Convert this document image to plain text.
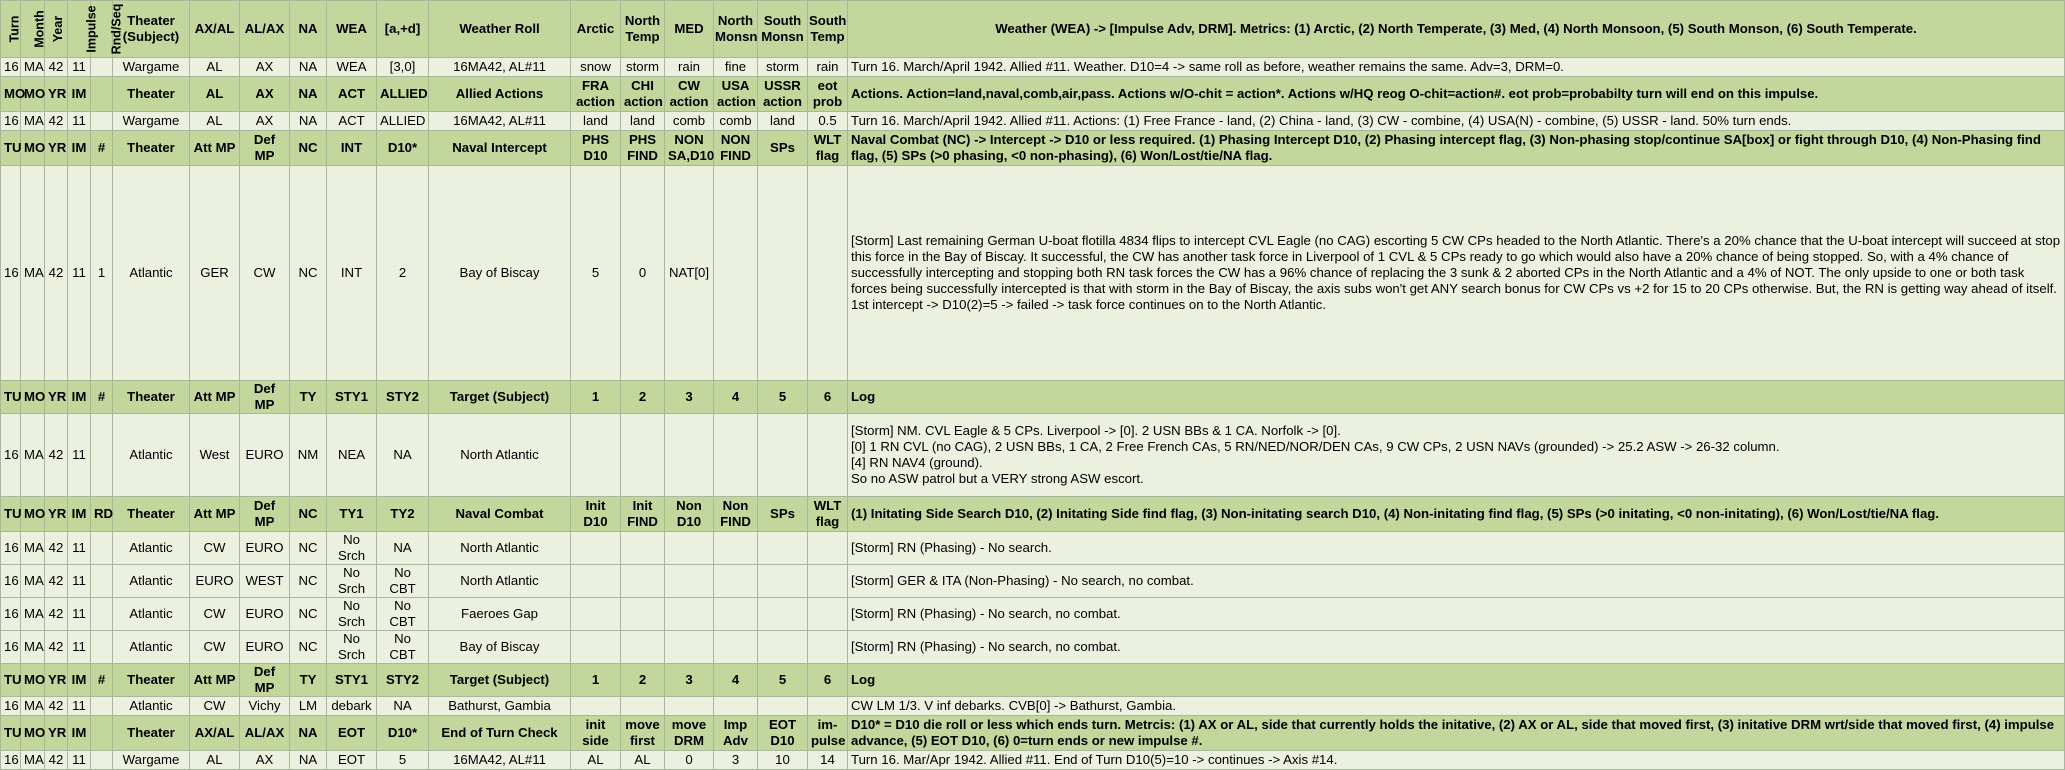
Turn	Month	Year	Impulse	Rnd/Seq	Theater (Subject)	AX/AL	AL/AX	NA	WEA	[a,+d]	Weather Roll	Arctic	North Temp	MED	North Monsn	South Monsn	South Temp	Weather (WEA) -> [Impulse Adv, DRM]. Metrics: (1) Arctic, (2) North Temperate, (3) Med, (4) North Monsoon, (5) South Monson, (6) South Temperate.
16	MA	42	11		Wargame	AL	AX	NA	WEA	[3,0]	16MA42, AL#11	snow	storm	rain	fine	storm	rain	Turn 16. March/April 1942. Allied #11. Weather. D10=4 -> same roll as before, weather remains the same. Adv=3, DRM=0.
MO	MO	YR	IM		Theater	AL	AX	NA	ACT	ALLIED	Allied Actions	FRA action	CHI action	CW action	USA action	USSR action	eot prob	Actions. Action=land,naval,comb,air,pass. Actions w/O-chit = action*. Actions w/HQ reog O-chit=action#. eot prob=probabilty turn will end on this impulse.
16	MA	42	11		Wargame	AL	AX	NA	ACT	ALLIED	16MA42, AL#11	land	land	comb	comb	land	0.5	Turn 16. March/April 1942. Allied #11. Actions: (1) Free France - land, (2) China - land, (3) CW - combine, (4) USA(N) - combine, (5) USSR - land. 50% turn ends.
TU	MO	YR	IM	#	Theater	Att MP	Def MP	NC	INT	D10*	Naval Intercept	PHS D10	PHS FIND	NON SA,D10	NON FIND	SPs	WLT flag	Naval Combat (NC) -> Intercept -> D10 or less required. (1) Phasing Intercept D10, (2) Phasing intercept flag, (3) Non-phasing stop/continue SA[box] or fight through D10, (4) Non-Phasing find flag, (5) SPs (>0 phasing, <0 non-phasing), (6) Won/Lost/tie/NA flag.
16	MA	42	11	1	Atlantic	GER	CW	NC	INT	2	Bay of Biscay	5	0	NAT[0]				[Storm] Last remaining German U-boat flotilla 4834 flips to intercept CVL Eagle (no CAG) escorting 5 CW CPs headed to the North Atlantic. There's a 20% chance that the U-boat intercept will succeed at stop this force in the Bay of Biscay. It successful, the CW has another task force in Liverpool of 1 CVL & 5 CPs ready to go which would also have a 20% chance of being stopped. So, with a 4% chance of successfully intercepting and stopping both RN task forces the CW has a 96% chance of replacing the 3 sunk & 2 aborted CPs in the North Atlantic and a 4% of NOT. The only upside to one or both task forces being successfully intercepted is that with storm in the Bay of Biscay, the axis subs won't get ANY search bonus for CW CPs vs +2 for 15 to 20 CPs otherwise. But, the RN is getting way ahead of itself. 1st intercept -> D10(2)=5 -> failed -> task force continues on to the North Atlantic.
TU	MO	YR	IM	#	Theater	Att MP	Def MP	TY	STY1	STY2	Target (Subject)	1	2	3	4	5	6	Log
16	MA	42	11		Atlantic	West	EURO	NM	NEA	NA	North Atlantic							[Storm] NM. CVL Eagle & 5 CPs. Liverpool -> [0]. 2 USN BBs & 1 CA. Norfolk -> [0].
[0] 1 RN CVL (no CAG), 2 USN BBs, 1 CA, 2 Free French CAs, 5 RN/NED/NOR/DEN CAs, 9 CW CPs, 2 USN NAVs (grounded) -> 25.2 ASW -> 26-32 column.
[4] RN NAV4 (ground).
So no ASW patrol but a VERY strong ASW escort.
TU	MO	YR	IM	RD	Theater	Att MP	Def MP	NC	TY1	TY2	Naval Combat	Init D10	Init FIND	Non D10	Non FIND	SPs	WLT flag	(1) Initating Side Search D10, (2) Initating Side find flag, (3) Non-initating search D10, (4) Non-initating find flag, (5) SPs (>0 initating, <0 non-initating), (6) Won/Lost/tie/NA flag.
16	MA	42	11		Atlantic	CW	EURO	NC	No Srch	NA	North Atlantic							[Storm] RN (Phasing) - No search.
16	MA	42	11		Atlantic	EURO	WEST	NC	No Srch	No CBT	North Atlantic							[Storm] GER & ITA (Non-Phasing) - No search, no combat.
16	MA	42	11		Atlantic	CW	EURO	NC	No Srch	No CBT	Faeroes Gap							[Storm] RN (Phasing) - No search, no combat.
16	MA	42	11		Atlantic	CW	EURO	NC	No Srch	No CBT	Bay of Biscay							[Storm] RN (Phasing) - No search, no combat.
TU	MO	YR	IM	#	Theater	Att MP	Def MP	TY	STY1	STY2	Target (Subject)	1	2	3	4	5	6	Log
16	MA	42	11		Atlantic	CW	Vichy	LM	debark	NA	Bathurst, Gambia							CW LM 1/3. V inf debarks. CVB[0] -> Bathurst, Gambia.
TU	MO	YR	IM		Theater	AX/AL	AL/AX	NA	EOT	D10*	End of Turn Check	init side	move first	move DRM	Imp Adv	EOT D10	im-pulse	D10* = D10 die roll or less which ends turn. Metrcis: (1) AX or AL, side that currently holds the initative, (2) AX or AL, side that moved first, (3) initative DRM wrt/side that moved first, (4) impulse advance, (5) EOT D10, (6) 0=turn ends or new impulse #.
16	MA	42	11		Wargame	AL	AX	NA	EOT	5	16MA42, AL#11	AL	AL	0	3	10	14	Turn 16. Mar/Apr 1942. Allied #11. End of Turn D10(5)=10 -> continues -> Axis #14.
